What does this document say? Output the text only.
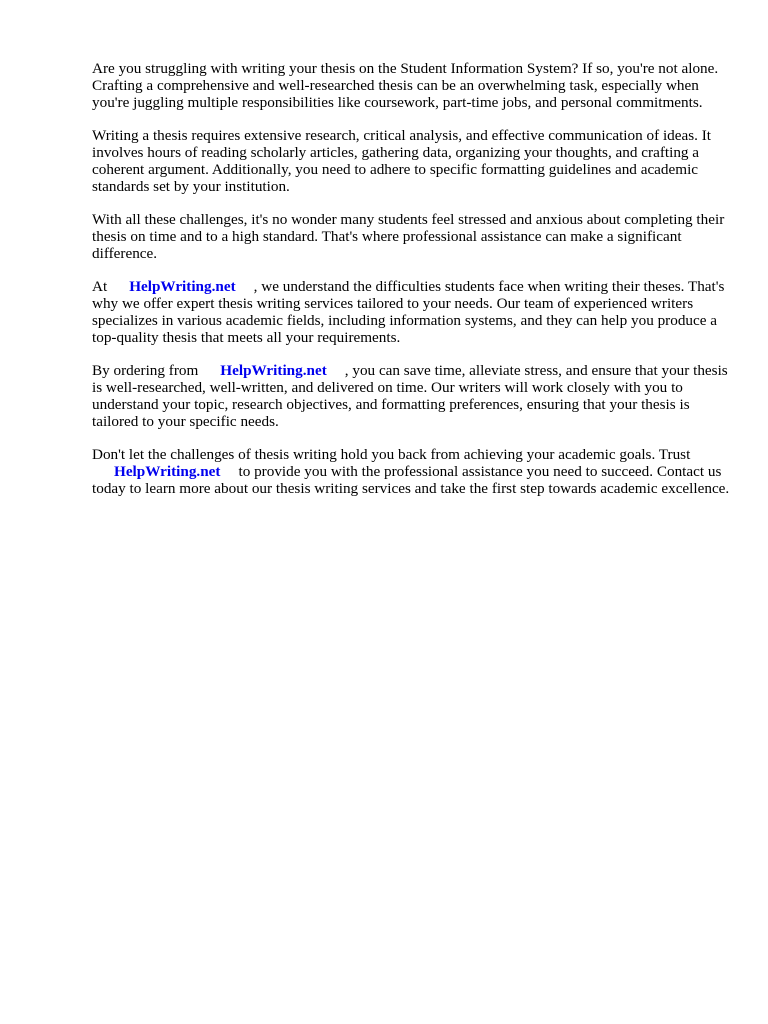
Are you struggling with writing your thesis on the Student Information System? If so, you're not alone. Crafting a comprehensive and well-researched thesis can be an overwhelming task, especially when you're juggling multiple responsibilities like coursework, part-time jobs, and personal commitments.

Writing a thesis requires extensive research, critical analysis, and effective communication of ideas. It involves hours of reading scholarly articles, gathering data, organizing your thoughts, and crafting a coherent argument. Additionally, you need to adhere to specific formatting guidelines and academic standards set by your institution.

With all these challenges, it's no wonder many students feel stressed and anxious about completing their thesis on time and to a high standard. That's where professional assistance can make a significant difference.

At HelpWriting.net , we understand the difficulties students face when writing their theses. That's why we offer expert thesis writing services tailored to your needs. Our team of experienced writers specializes in various academic fields, including information systems, and they can help you produce a top-quality thesis that meets all your requirements.

By ordering from HelpWriting.net , you can save time, alleviate stress, and ensure that your thesis is well-researched, well-written, and delivered on time. Our writers will work closely with you to understand your topic, research objectives, and formatting preferences, ensuring that your thesis is tailored to your specific needs.

Don't let the challenges of thesis writing hold you back from achieving your academic goals. Trust
HelpWriting.net to provide you with the professional assistance you need to succeed. Contact us today to learn more about our thesis writing services and take the first step towards academic excellence.
